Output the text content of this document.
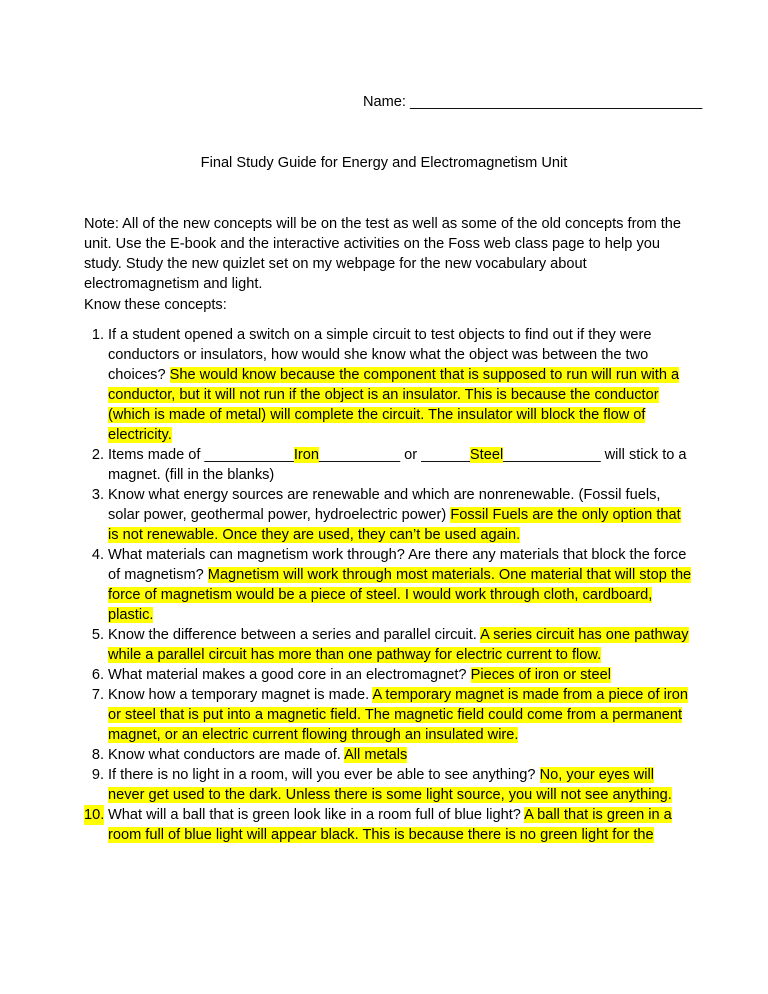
Name: ____________________________________
Final Study Guide for Energy and Electromagnetism Unit
Note: All of the new concepts will be on the test as well as some of the old concepts from the unit. Use the E-book and the interactive activities on the Foss web class page to help you study. Study the new quizlet set on my webpage for the new vocabulary about electromagnetism and light.
Know these concepts:
1. If a student opened a switch on a simple circuit to test objects to find out if they were conductors or insulators, how would she know what the object was between the two choices? She would know because the component that is supposed to run will run with a conductor, but it will not run if the object is an insulator. This is because the conductor (which is made of metal) will complete the circuit. The insulator will block the flow of electricity.
2. Items made of ___________Iron__________ or ______Steel____________ will stick to a magnet. (fill in the blanks)
3. Know what energy sources are renewable and which are nonrenewable. (Fossil fuels, solar power, geothermal power, hydroelectric power) Fossil Fuels are the only option that is not renewable. Once they are used, they can’t be used again.
4. What materials can magnetism work through? Are there any materials that block the force of magnetism? Magnetism will work through most materials. One material that will stop the force of magnetism would be a piece of steel. I would work through cloth, cardboard, plastic.
5. Know the difference between a series and parallel circuit. A series circuit has one pathway while a parallel circuit has more than one pathway for electric current to flow.
6. What material makes a good core in an electromagnet? Pieces of iron or steel
7. Know how a temporary magnet is made. A temporary magnet is made from a piece of iron or steel that is put into a magnetic field. The magnetic field could come from a permanent magnet, or an electric current flowing through an insulated wire.
8. Know what conductors are made of. All metals
9. If there is no light in a room, will you ever be able to see anything? No, your eyes will never get used to the dark. Unless there is some light source, you will not see anything.
10. What will a ball that is green look like in a room full of blue light? A ball that is green in a room full of blue light will appear black. This is because there is no green light for the
